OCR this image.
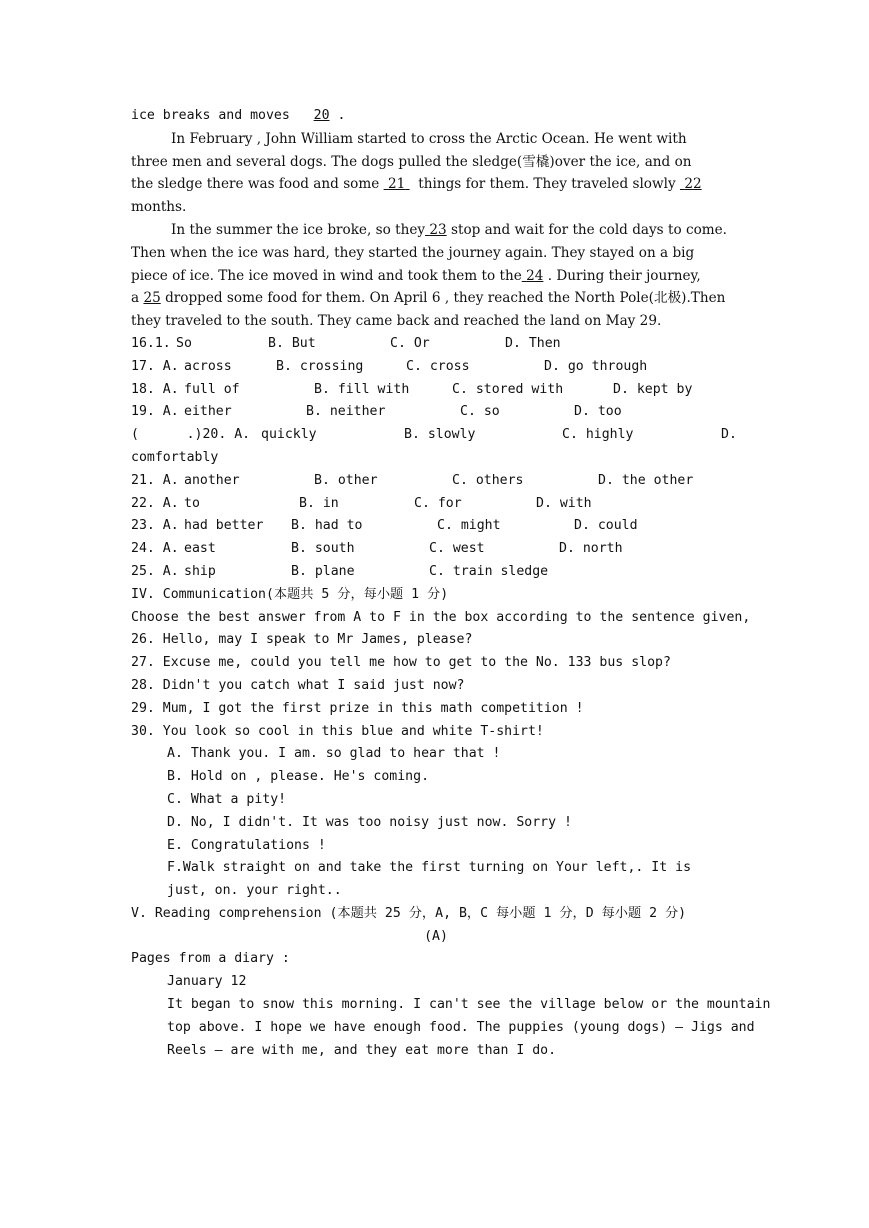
ice breaks and moves 20 .
In February , John William started to cross the Arctic Ocean. He went with
three men and several dogs. The dogs pulled the sledge(雪橇)over the ice, and on
the sledge there was food and some 21 things for them. They traveled slowly 22
months.
In the summer the ice broke, so they 23 stop and wait for the cold days to come.
Then when the ice was hard, they started the journey again. They stayed on a big
piece of ice. The ice moved in wind and took them to the 24 . During their journey,
a 25 dropped some food for them. On April 6 , they reached the North Pole(北极).Then
they traveled to the south. They came back and reached the land on May 29.
16.1. So	B. But	C. Or	D. Then
17. A. across	B. crossing	C. cross	D. go through
18. A. full of	B. fill with	C. stored with	D. kept by
19. A. either	B. neither	C. so	D. too
(      .)20. A. quickly	B. slowly	C. highly	D.
comfortably
21. A. another	B. other	C. others	D. the other
22. A. to	B. in	C. for	D. with
23. A. had better B. had to	C. might	D. could
24. A. east	B. south	C. west	D. north
25. A. ship	B. plane	C. train sledge
IV. Communication(本题共 5 分，每小题 1 分)
Choose the best answer from A to F in the box according to the sentence given,
26. Hello, may I speak to Mr James, please?
27. Excuse me, could you tell me how to get to the No. 133 bus slop?
28. Didn't you catch what I said just now?
29. Mum, I got the first prize in this math competition !
30. You look so cool in this blue and white T-shirt!
A. Thank you. I am. so glad to hear that !
B. Hold on , please. He's coming.
C. What a pity!
D. No, I didn't. It was too noisy just now. Sorry !
E. Congratulations !
F.Walk straight on and take the first turning on Your left,. It is
just, on. your right..
V. Reading comprehension (本题共 25 分，A, B，C 每小题 1 分，D 每小题 2 分)
(A)
Pages from a diary :
January 12
It began to snow this morning. I can't see the village below or the mountain
top above. I hope we have enough food. The puppies (young dogs) — Jigs and
Reels — are with me, and they eat more than I do.
